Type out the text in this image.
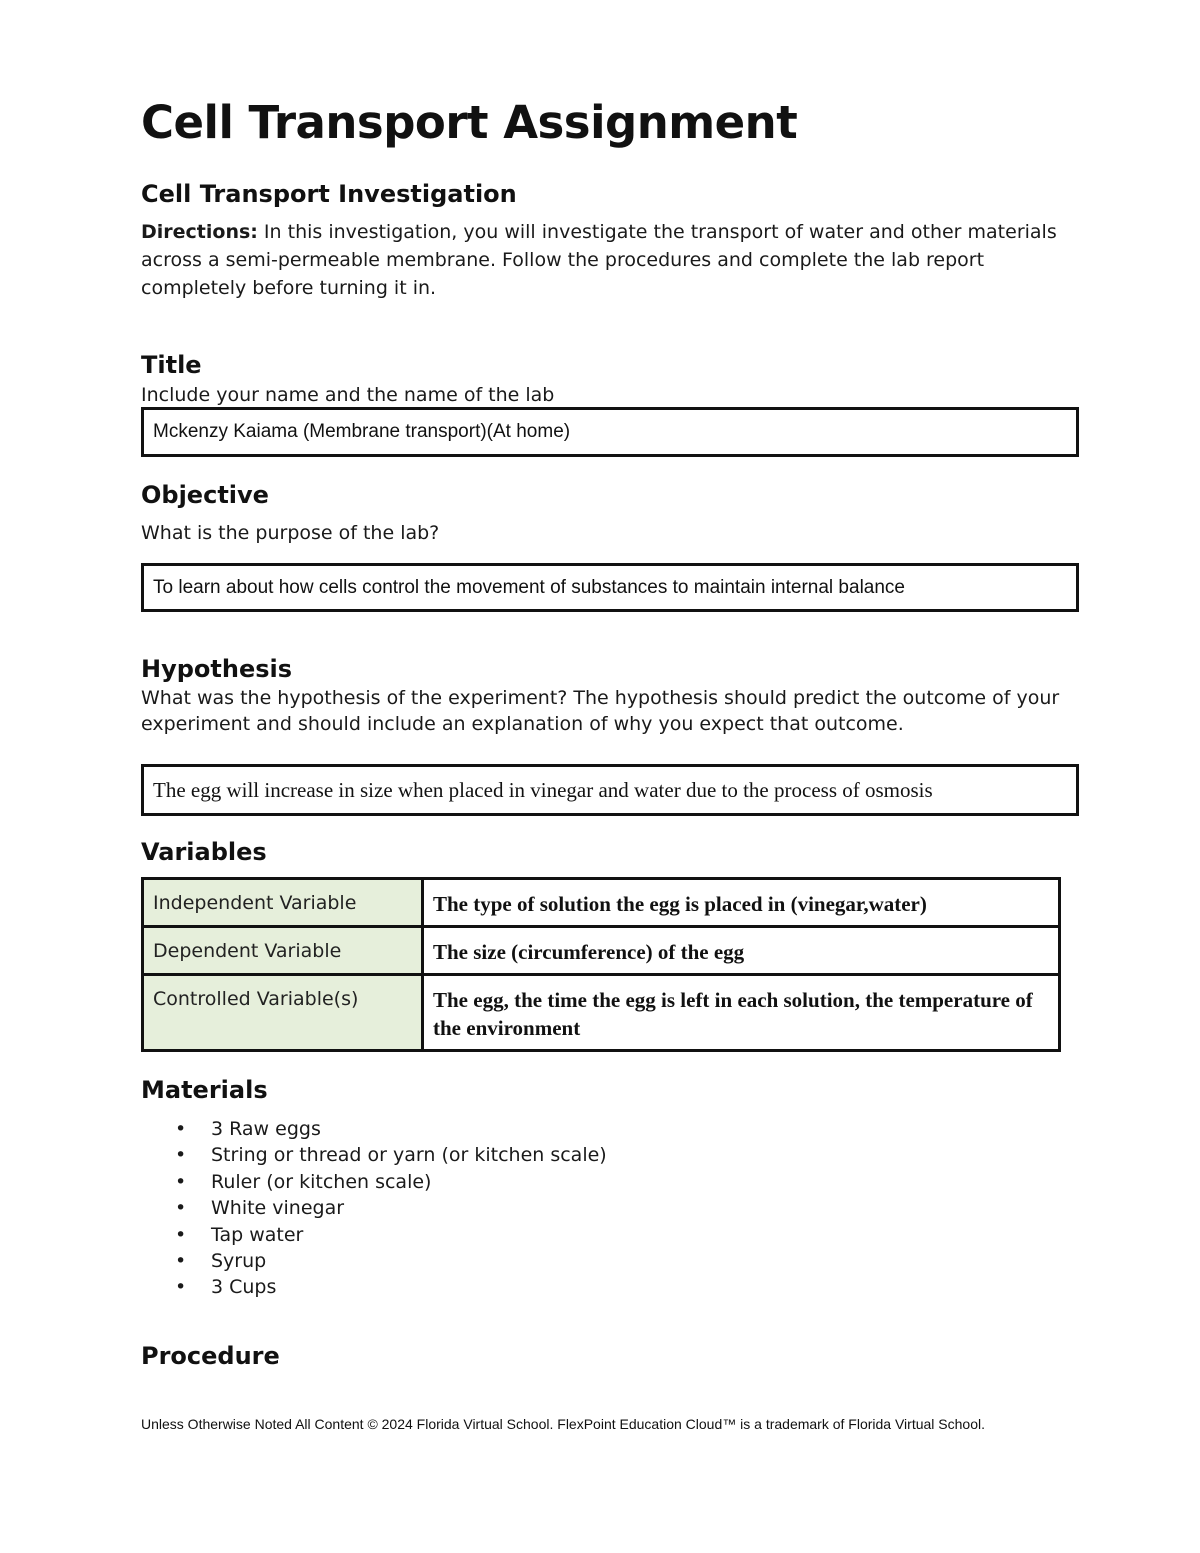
Cell Transport Assignment
Cell Transport Investigation

Directions: In this investigation, you will investigate the transport of water and other materials across a semi-permeable membrane. Follow the procedures and complete the lab report completely before turning it in.

Title

Include your name and the name of the lab

Mckenzy Kaiama (Membrane transport)(At home)
Objective

What is the purpose of the lab?

To learn about how cells control the movement of substances to maintain internal balance
Hypothesis

What was the hypothesis of the experiment? The hypothesis should predict the outcome of your experiment and should include an explanation of why you expect that outcome.

The egg will increase in size when placed in vinegar and water due to the process of osmosis
Variables
Independent Variable	The type of solution the egg is placed in (vinegar,water)
Dependent Variable	The size (circumference) of the egg
Controlled Variable(s)	The egg, the time the egg is left in each solution, the temperature of the environment
Materials
• 3 Raw eggs
• String or thread or yarn (or kitchen scale)
• Ruler (or kitchen scale)
• White vinegar
• Tap water
• Syrup
• 3 Cups
Procedure

Unless Otherwise Noted All Content © 2024 Florida Virtual School. FlexPoint Education Cloud™ is a trademark of Florida Virtual School.
